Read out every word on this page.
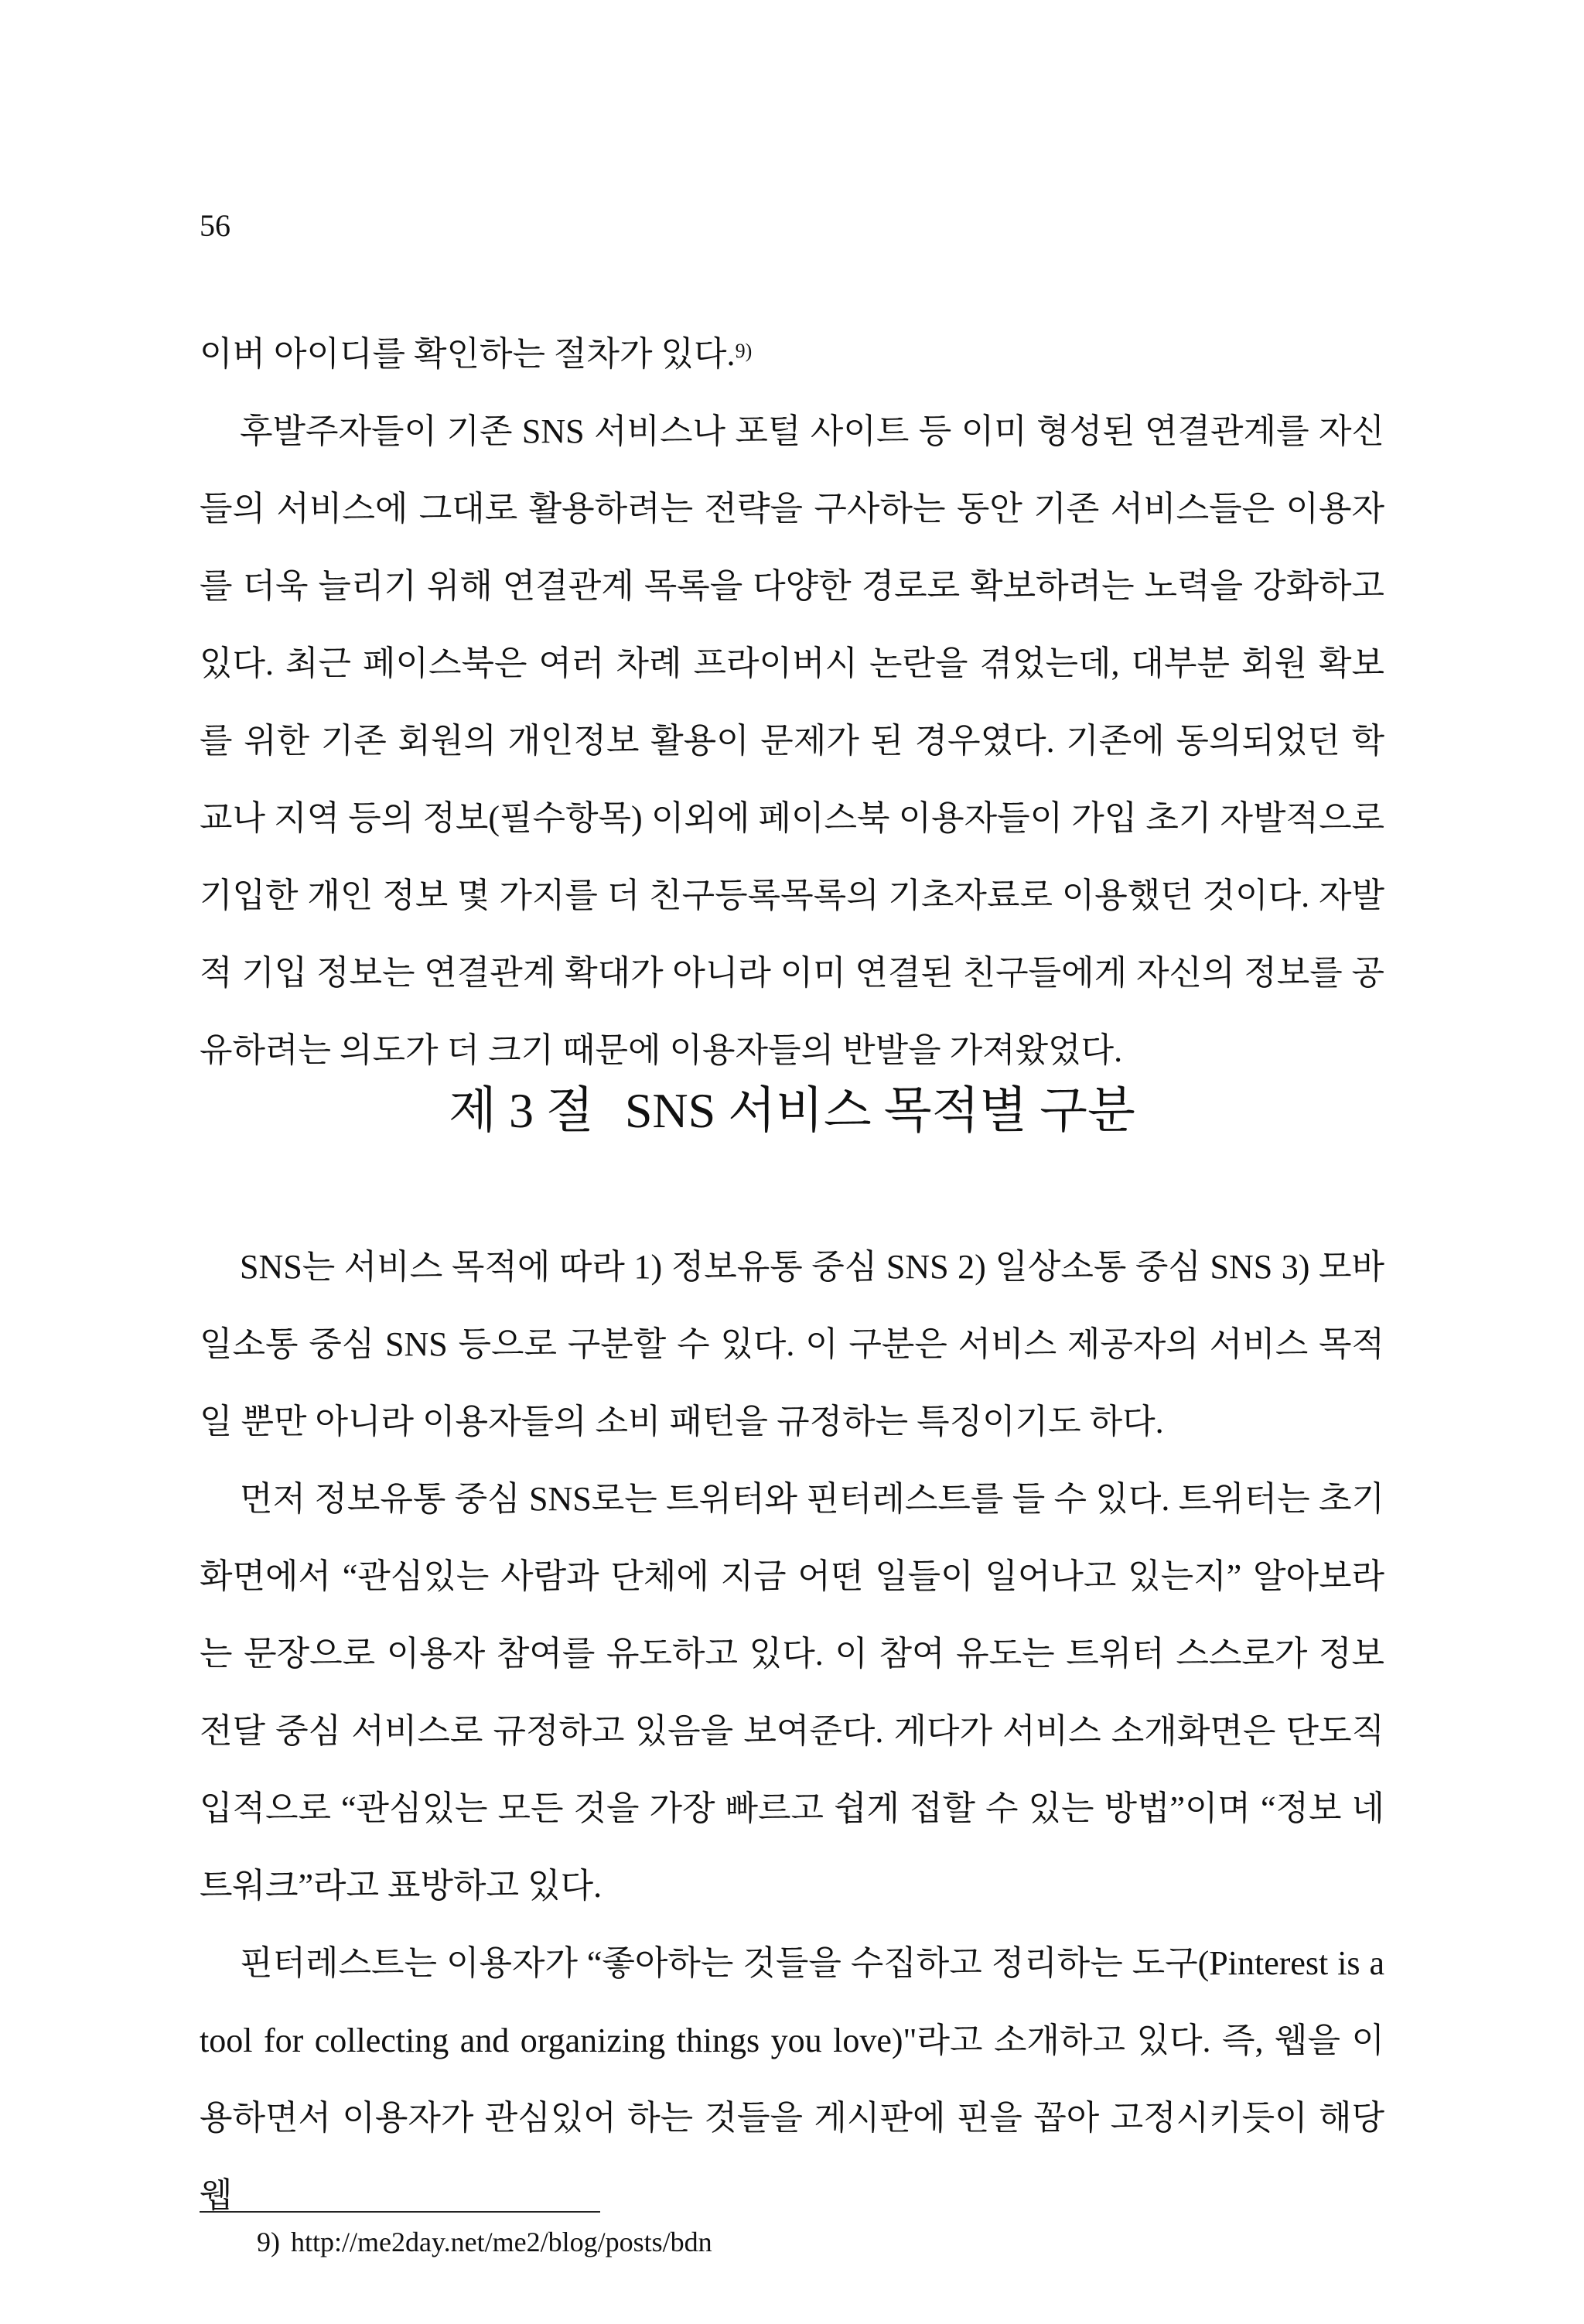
56

이버 아이디를 확인하는 절차가 있다.$^{9)}$

후발주자들이 기존 SNS 서비스나 포털 사이트 등 이미 형성된 연결관계를 자신들의 서비스에 그대로 활용하려는 전략을 구사하는 동안 기존 서비스들은 이용자를 더욱 늘리기 위해 연결관계 목록을 다양한 경로로 확보하려는 노력을 강화하고 있다. 최근 페이스북은 여러 차례 프라이버시 논란을 겪었는데, 대부분 회원 확보를 위한 기존 회원의 개인정보 활용이 문제가 된 경우였다. 기존에 동의되었던 학교나 지역 등의 정보(필수항목) 이외에 페이스북 이용자들이 가입 초기 자발적으로 기입한 개인 정보 몇 가지를 더 친구등록목록의 기초자료로 이용했던 것이다. 자발적 기입 정보는 연결관계 확대가 아니라 이미 연결된 친구들에게 자신의 정보를 공유하려는 의도가 더 크기 때문에 이용자들의 반발을 가져왔었다.

제 3 절 SNS 서비스 목적별 구분

SNS는 서비스 목적에 따라 1) 정보유통 중심 SNS 2) 일상소통 중심 SNS 3) 모바일소통 중심 SNS 등으로 구분할 수 있다. 이 구분은 서비스 제공자의 서비스 목적일 뿐만 아니라 이용자들의 소비 패턴을 규정하는 특징이기도 하다.

먼저 정보유통 중심 SNS로는 트위터와 핀터레스트를 들 수 있다. 트위터는 초기화면에서 “관심있는 사람과 단체에 지금 어떤 일들이 일어나고 있는지” 알아보라는 문장으로 이용자 참여를 유도하고 있다. 이 참여 유도는 트위터 스스로가 정보 전달 중심 서비스로 규정하고 있음을 보여준다. 게다가 서비스 소개화면은 단도직입적으로 “관심있는 모든 것을 가장 빠르고 쉽게 접할 수 있는 방법”이며 “정보 네트워크”라고 표방하고 있다.

핀터레스트는 이용자가 “좋아하는 것들을 수집하고 정리하는 도구(Pinterest is a tool for collecting and organizing things you love)"라고 소개하고 있다. 즉, 웹을 이용하면서 이용자가 관심있어 하는 것들을 게시판에 핀을 꼽아 고정시키듯이 해당 웹

9) http://me2day.net/me2/blog/posts/bdn
